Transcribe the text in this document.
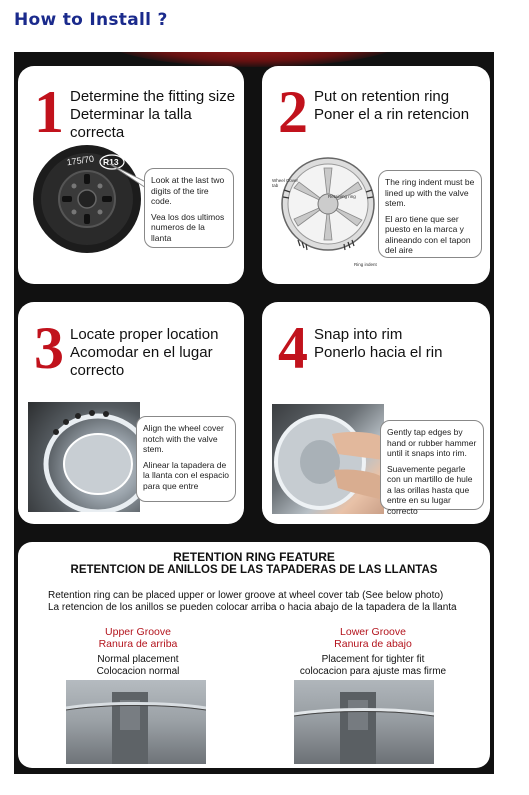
How to Install ?
1 Determine the fitting size
Determinar la talla correcta
175/70 R13

Look at the last two digits of the tire code.

Vea los dos ultimos numeros de la llanta

2 Put on retention ring
Poner el a rin retencion
Wheel Cover tab
Retaining ring
Ring indent

The ring indent must be lined up with the valve stem.

El aro tiene que ser puesto en la marca y alineando con el tapon del aire

3 Locate proper location
Acomodar en el lugar correcto

Align the wheel cover notch with the valve stem.

Alinear la tapadera de la llanta con el espacio para que entre

4 Snap into rim
Ponerlo hacia el rin

Gently tap edges by hand or rubber hammer until it snaps into rim.

Suavemente pegarle con un martillo de hule a las orillas hasta que entre en su lugar correcto

RETENTION RING FEATURE
RETENTCION DE ANILLOS DE LAS TAPADERAS DE LAS LLANTAS
Retention ring can be placed upper or lower groove at wheel cover tab (See below photo)
La retencion de los anillos se pueden colocar arriba o hacia abajo de la tapadera de la llanta
Upper Groove
Ranura de arriba
Normal placement
Colocacion normal
Lower Groove
Ranura de abajo
Placement for tighter fit
colocacion para ajuste mas firme
